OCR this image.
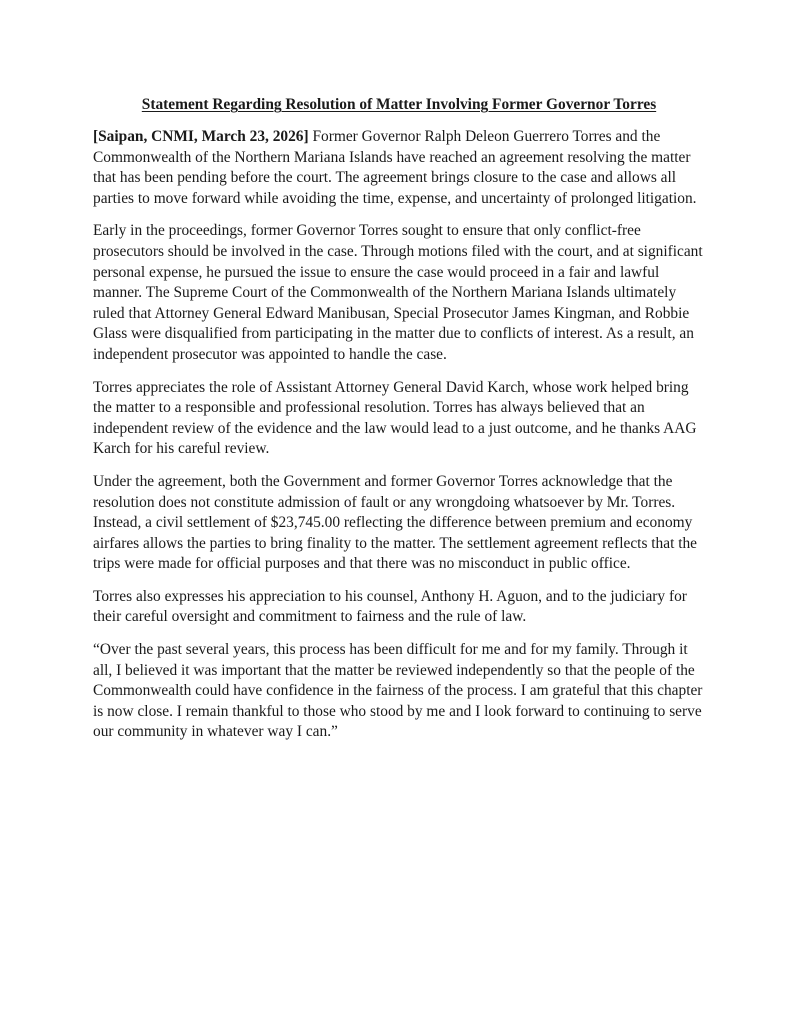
Statement Regarding Resolution of Matter Involving Former Governor Torres

[Saipan, CNMI, March 23, 2026] Former Governor Ralph Deleon Guerrero Torres and the Commonwealth of the Northern Mariana Islands have reached an agreement resolving the matter that has been pending before the court. The agreement brings closure to the case and allows all parties to move forward while avoiding the time, expense, and uncertainty of prolonged litigation.

Early in the proceedings, former Governor Torres sought to ensure that only conflict-free prosecutors should be involved in the case. Through motions filed with the court, and at significant personal expense, he pursued the issue to ensure the case would proceed in a fair and lawful manner. The Supreme Court of the Commonwealth of the Northern Mariana Islands ultimately ruled that Attorney General Edward Manibusan, Special Prosecutor James Kingman, and Robbie Glass were disqualified from participating in the matter due to conflicts of interest. As a result, an independent prosecutor was appointed to handle the case.

Torres appreciates the role of Assistant Attorney General David Karch, whose work helped bring the matter to a responsible and professional resolution. Torres has always believed that an independent review of the evidence and the law would lead to a just outcome, and he thanks AAG Karch for his careful review.

Under the agreement, both the Government and former Governor Torres acknowledge that the resolution does not constitute admission of fault or any wrongdoing whatsoever by Mr. Torres. Instead, a civil settlement of $23,745.00 reflecting the difference between premium and economy airfares allows the parties to bring finality to the matter. The settlement agreement reflects that the trips were made for official purposes and that there was no misconduct in public office.

Torres also expresses his appreciation to his counsel, Anthony H. Aguon, and to the judiciary for their careful oversight and commitment to fairness and the rule of law.

“Over the past several years, this process has been difficult for me and for my family. Through it all, I believed it was important that the matter be reviewed independently so that the people of the Commonwealth could have confidence in the fairness of the process. I am grateful that this chapter is now close. I remain thankful to those who stood by me and I look forward to continuing to serve our community in whatever way I can.”
